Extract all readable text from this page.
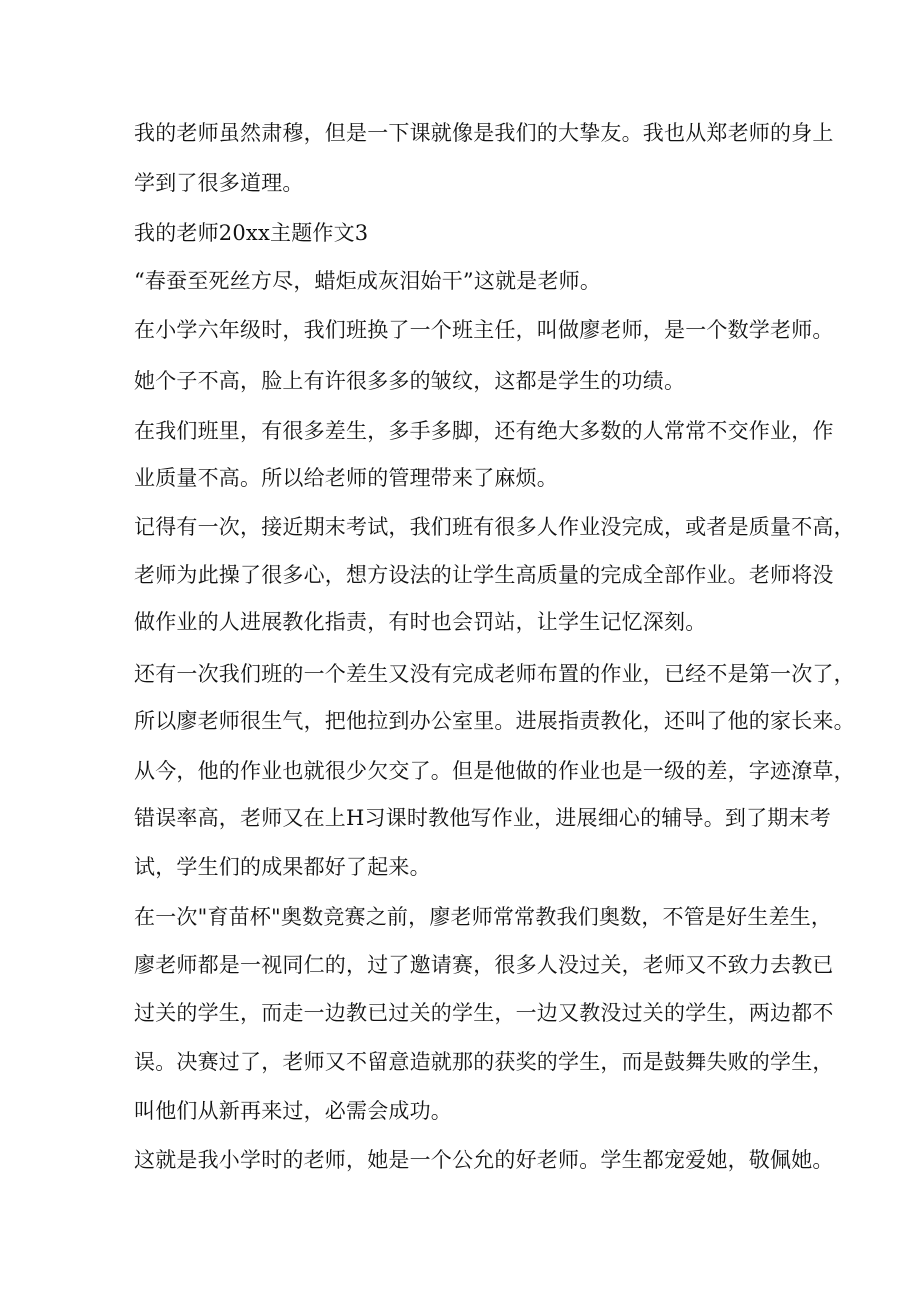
我的老师虽然肃穆，但是一下课就像是我们的大挚友。我也从郑老师的身上
学到了很多道理。
我的老师20xx主题作文3
“春蚕至死丝方尽，蜡炬成灰泪始干”这就是老师。
在小学六年级时，我们班换了一个班主任，叫做廖老师，是一个数学老师。
她个子不高，脸上有许很多多的皱纹，这都是学生的功绩。
在我们班里，有很多差生，多手多脚，还有绝大多数的人常常不交作业，作
业质量不高。所以给老师的管理带来了麻烦。
记得有一次，接近期末考试，我们班有很多人作业没完成，或者是质量不高，
老师为此操了很多心，想方设法的让学生高质量的完成全部作业。老师将没
做作业的人进展教化指责，有时也会罚站，让学生记忆深刻。
还有一次我们班的一个差生又没有完成老师布置的作业，已经不是第一次了，
所以廖老师很生气，把他拉到办公室里。进展指责教化，还叫了他的家长来。
从今，他的作业也就很少欠交了。但是他做的作业也是一级的差，字迹潦草，
错误率高，老师又在上H习课时教他写作业，进展细心的辅导。到了期末考
试，学生们的成果都好了起来。
在一次"育苗杯"奥数竞赛之前，廖老师常常教我们奥数，不管是好生差生，
廖老师都是一视同仁的，过了邀请赛，很多人没过关，老师又不致力去教已
过关的学生，而走一边教已过关的学生，一边又教没过关的学生，两边都不
误。决赛过了，老师又不留意造就那的获奖的学生，而是鼓舞失败的学生，
叫他们从新再来过，必需会成功。
这就是我小学时的老师，她是一个公允的好老师。学生都宠爱她，敬佩她。
